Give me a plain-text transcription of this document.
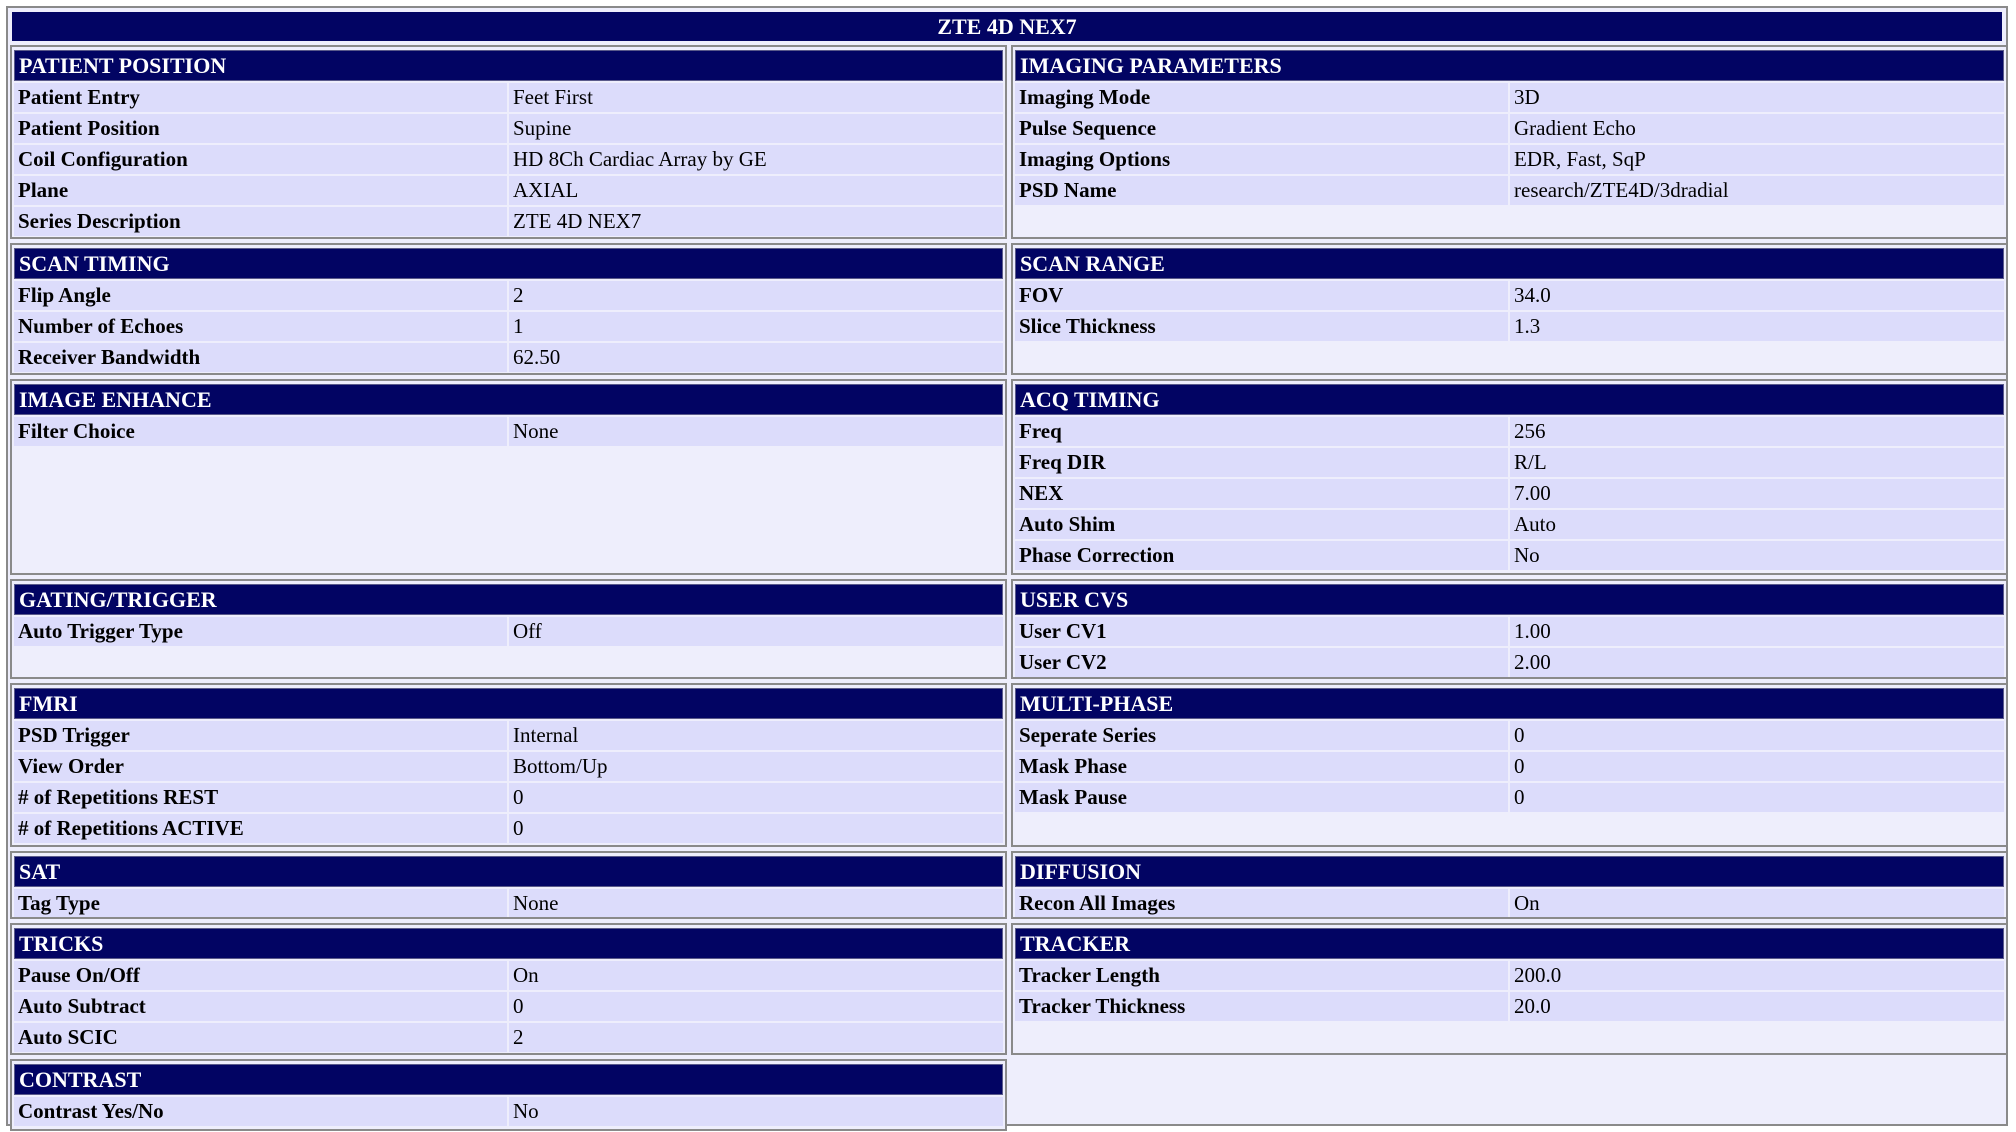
ZTE 4D NEX7
PATIENT POSITION
Patient Entry	Feet First
Patient Position	Supine
Coil Configuration	HD 8Ch Cardiac Array by GE
Plane	AXIAL
Series Description	ZTE 4D NEX7
IMAGING PARAMETERS
Imaging Mode	3D
Pulse Sequence	Gradient Echo
Imaging Options	EDR, Fast, SqP
PSD Name	research/ZTE4D/3dradial
SCAN TIMING
Flip Angle	2
Number of Echoes	1
Receiver Bandwidth	62.50
SCAN RANGE
FOV	34.0
Slice Thickness	1.3
IMAGE ENHANCE
Filter Choice	None
ACQ TIMING
Freq	256
Freq DIR	R/L
NEX	7.00
Auto Shim	Auto
Phase Correction	No
GATING/TRIGGER
Auto Trigger Type	Off
USER CVS
User CV1	1.00
User CV2	2.00
FMRI
PSD Trigger	Internal
View Order	Bottom/Up
# of Repetitions REST	0
# of Repetitions ACTIVE	0
MULTI-PHASE
Seperate Series	0
Mask Phase	0
Mask Pause	0
SAT
Tag Type	None
DIFFUSION
Recon All Images	On
TRICKS
Pause On/Off	On
Auto Subtract	0
Auto SCIC	2
TRACKER
Tracker Length	200.0
Tracker Thickness	20.0
CONTRAST
Contrast Yes/No	No
